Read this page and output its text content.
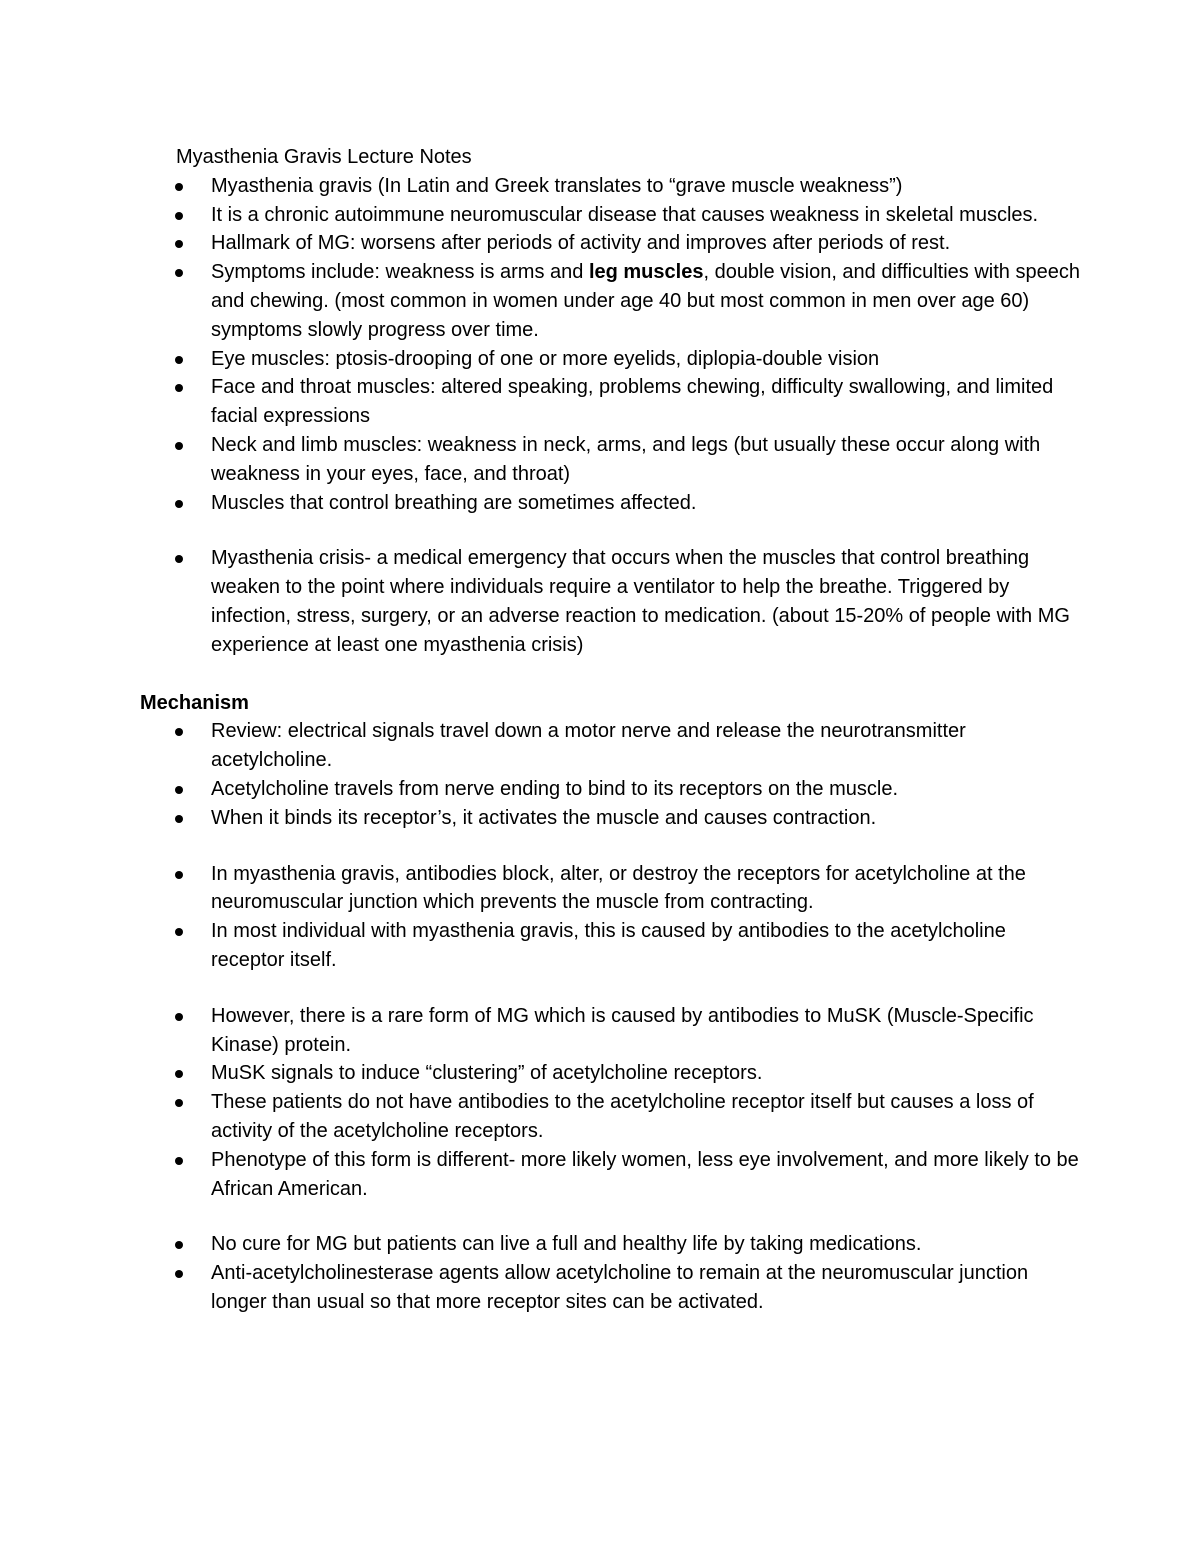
Myasthenia Gravis Lecture Notes

Myasthenia gravis (In Latin and Greek translates to “grave muscle weakness”)
It is a chronic autoimmune neuromuscular disease that causes weakness in skeletal muscles.
Hallmark of MG: worsens after periods of activity and improves after periods of rest.
Symptoms include: weakness is arms and leg muscles, double vision, and difficulties with speech and chewing. (most common in women under age 40 but most common in men over age 60) symptoms slowly progress over time.
Eye muscles: ptosis-drooping of one or more eyelids, diplopia-double vision
Face and throat muscles: altered speaking, problems chewing, difficulty swallowing, and limited facial expressions
Neck and limb muscles: weakness in neck, arms, and legs (but usually these occur along with weakness in your eyes, face, and throat)
Muscles that control breathing are sometimes affected.
Myasthenia crisis- a medical emergency that occurs when the muscles that control breathing weaken to the point where individuals require a ventilator to help the breathe. Triggered by infection, stress, surgery, or an adverse reaction to medication. (about 15-20% of people with MG experience at least one myasthenia crisis)

Mechanism

Review: electrical signals travel down a motor nerve and release the neurotransmitter acetylcholine.
Acetylcholine travels from nerve ending to bind to its receptors on the muscle.
When it binds its receptor’s, it activates the muscle and causes contraction.
In myasthenia gravis, antibodies block, alter, or destroy the receptors for acetylcholine at the neuromuscular junction which prevents the muscle from contracting.
In most individual with myasthenia gravis, this is caused by antibodies to the acetylcholine receptor itself.
However, there is a rare form of MG which is caused by antibodies to MuSK (Muscle-Specific Kinase) protein.
MuSK signals to induce “clustering” of acetylcholine receptors.
These patients do not have antibodies to the acetylcholine receptor itself but causes a loss of activity of the acetylcholine receptors.
Phenotype of this form is different- more likely women, less eye involvement, and more likely to be African American.
No cure for MG but patients can live a full and healthy life by taking medications.
Anti-acetylcholinesterase agents allow acetylcholine to remain at the neuromuscular junction longer than usual so that more receptor sites can be activated.
